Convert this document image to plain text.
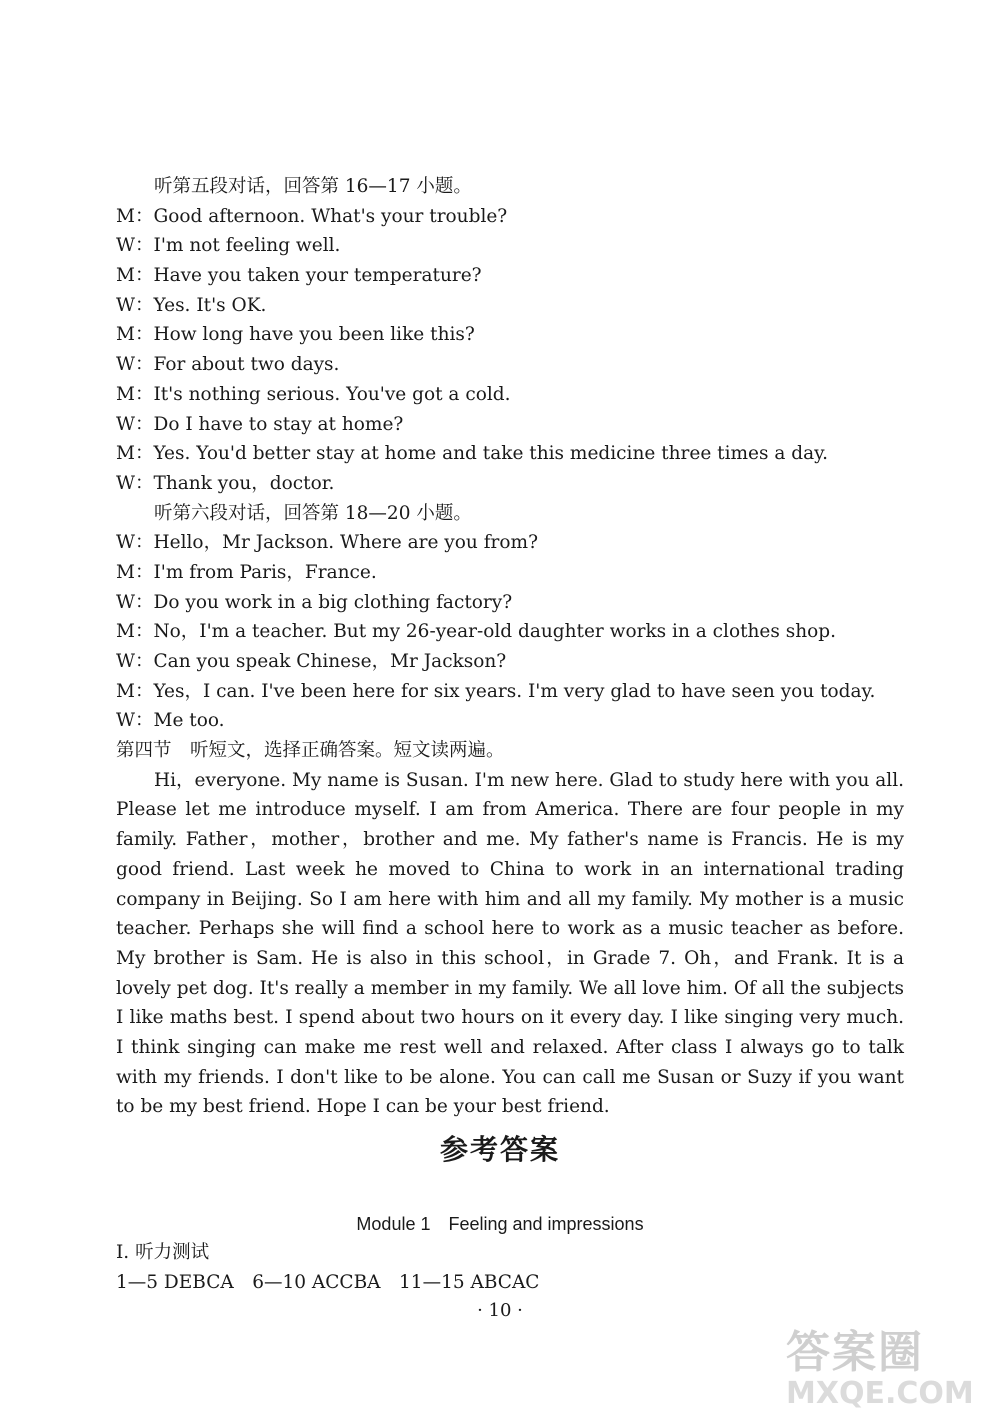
听第五段对话，回答第 16—17 小题。
M：Good afternoon. What's your trouble?
W：I'm not feeling well.
M：Have you taken your temperature?
W：Yes. It's OK.
M：How long have you been like this?
W：For about two days.
M：It's nothing serious. You've got a cold.
W：Do I have to stay at home?
M：Yes. You'd better stay at home and take this medicine three times a day.
W：Thank you，doctor.
听第六段对话，回答第 18—20 小题。
W：Hello，Mr Jackson. Where are you from?
M：I'm from Paris，France.
W：Do you work in a big clothing factory?
M：No，I'm a teacher. But my 26-year-old daughter works in a clothes shop.
W：Can you speak Chinese，Mr Jackson?
M：Yes，I can. I've been here for six years. I'm very glad to have seen you today.
W：Me too.
第四节　听短文，选择正确答案。短文读两遍。
Hi，everyone. My name is Susan. I'm new here. Glad to study here with you all. Please let me introduce myself. I am from America. There are four people in my family. Father，mother，brother and me. My father's name is Francis. He is my good friend. Last week he moved to China to work in an international trading company in Beijing. So I am here with him and all my family. My mother is a music teacher. Perhaps she will find a school here to work as a music teacher as before. My brother is Sam. He is also in this school，in Grade 7. Oh，and Frank. It is a lovely pet dog. It's really a member in my family. We all love him. Of all the subjects I like maths best. I spend about two hours on it every day. I like singing very much. I think singing can make me rest well and relaxed. After class I always go to talk with my friends. I don't like to be alone. You can call me Susan or Suzy if you want to be my best friend. Hope I can be your best friend.
参考答案
Module 1　Feeling and impressions
Ⅰ. 听力测试
1—5 DEBCA　6—10 ACCBA　11—15 ABCAC
· 10 ·
答案圈
MXQE.COM
